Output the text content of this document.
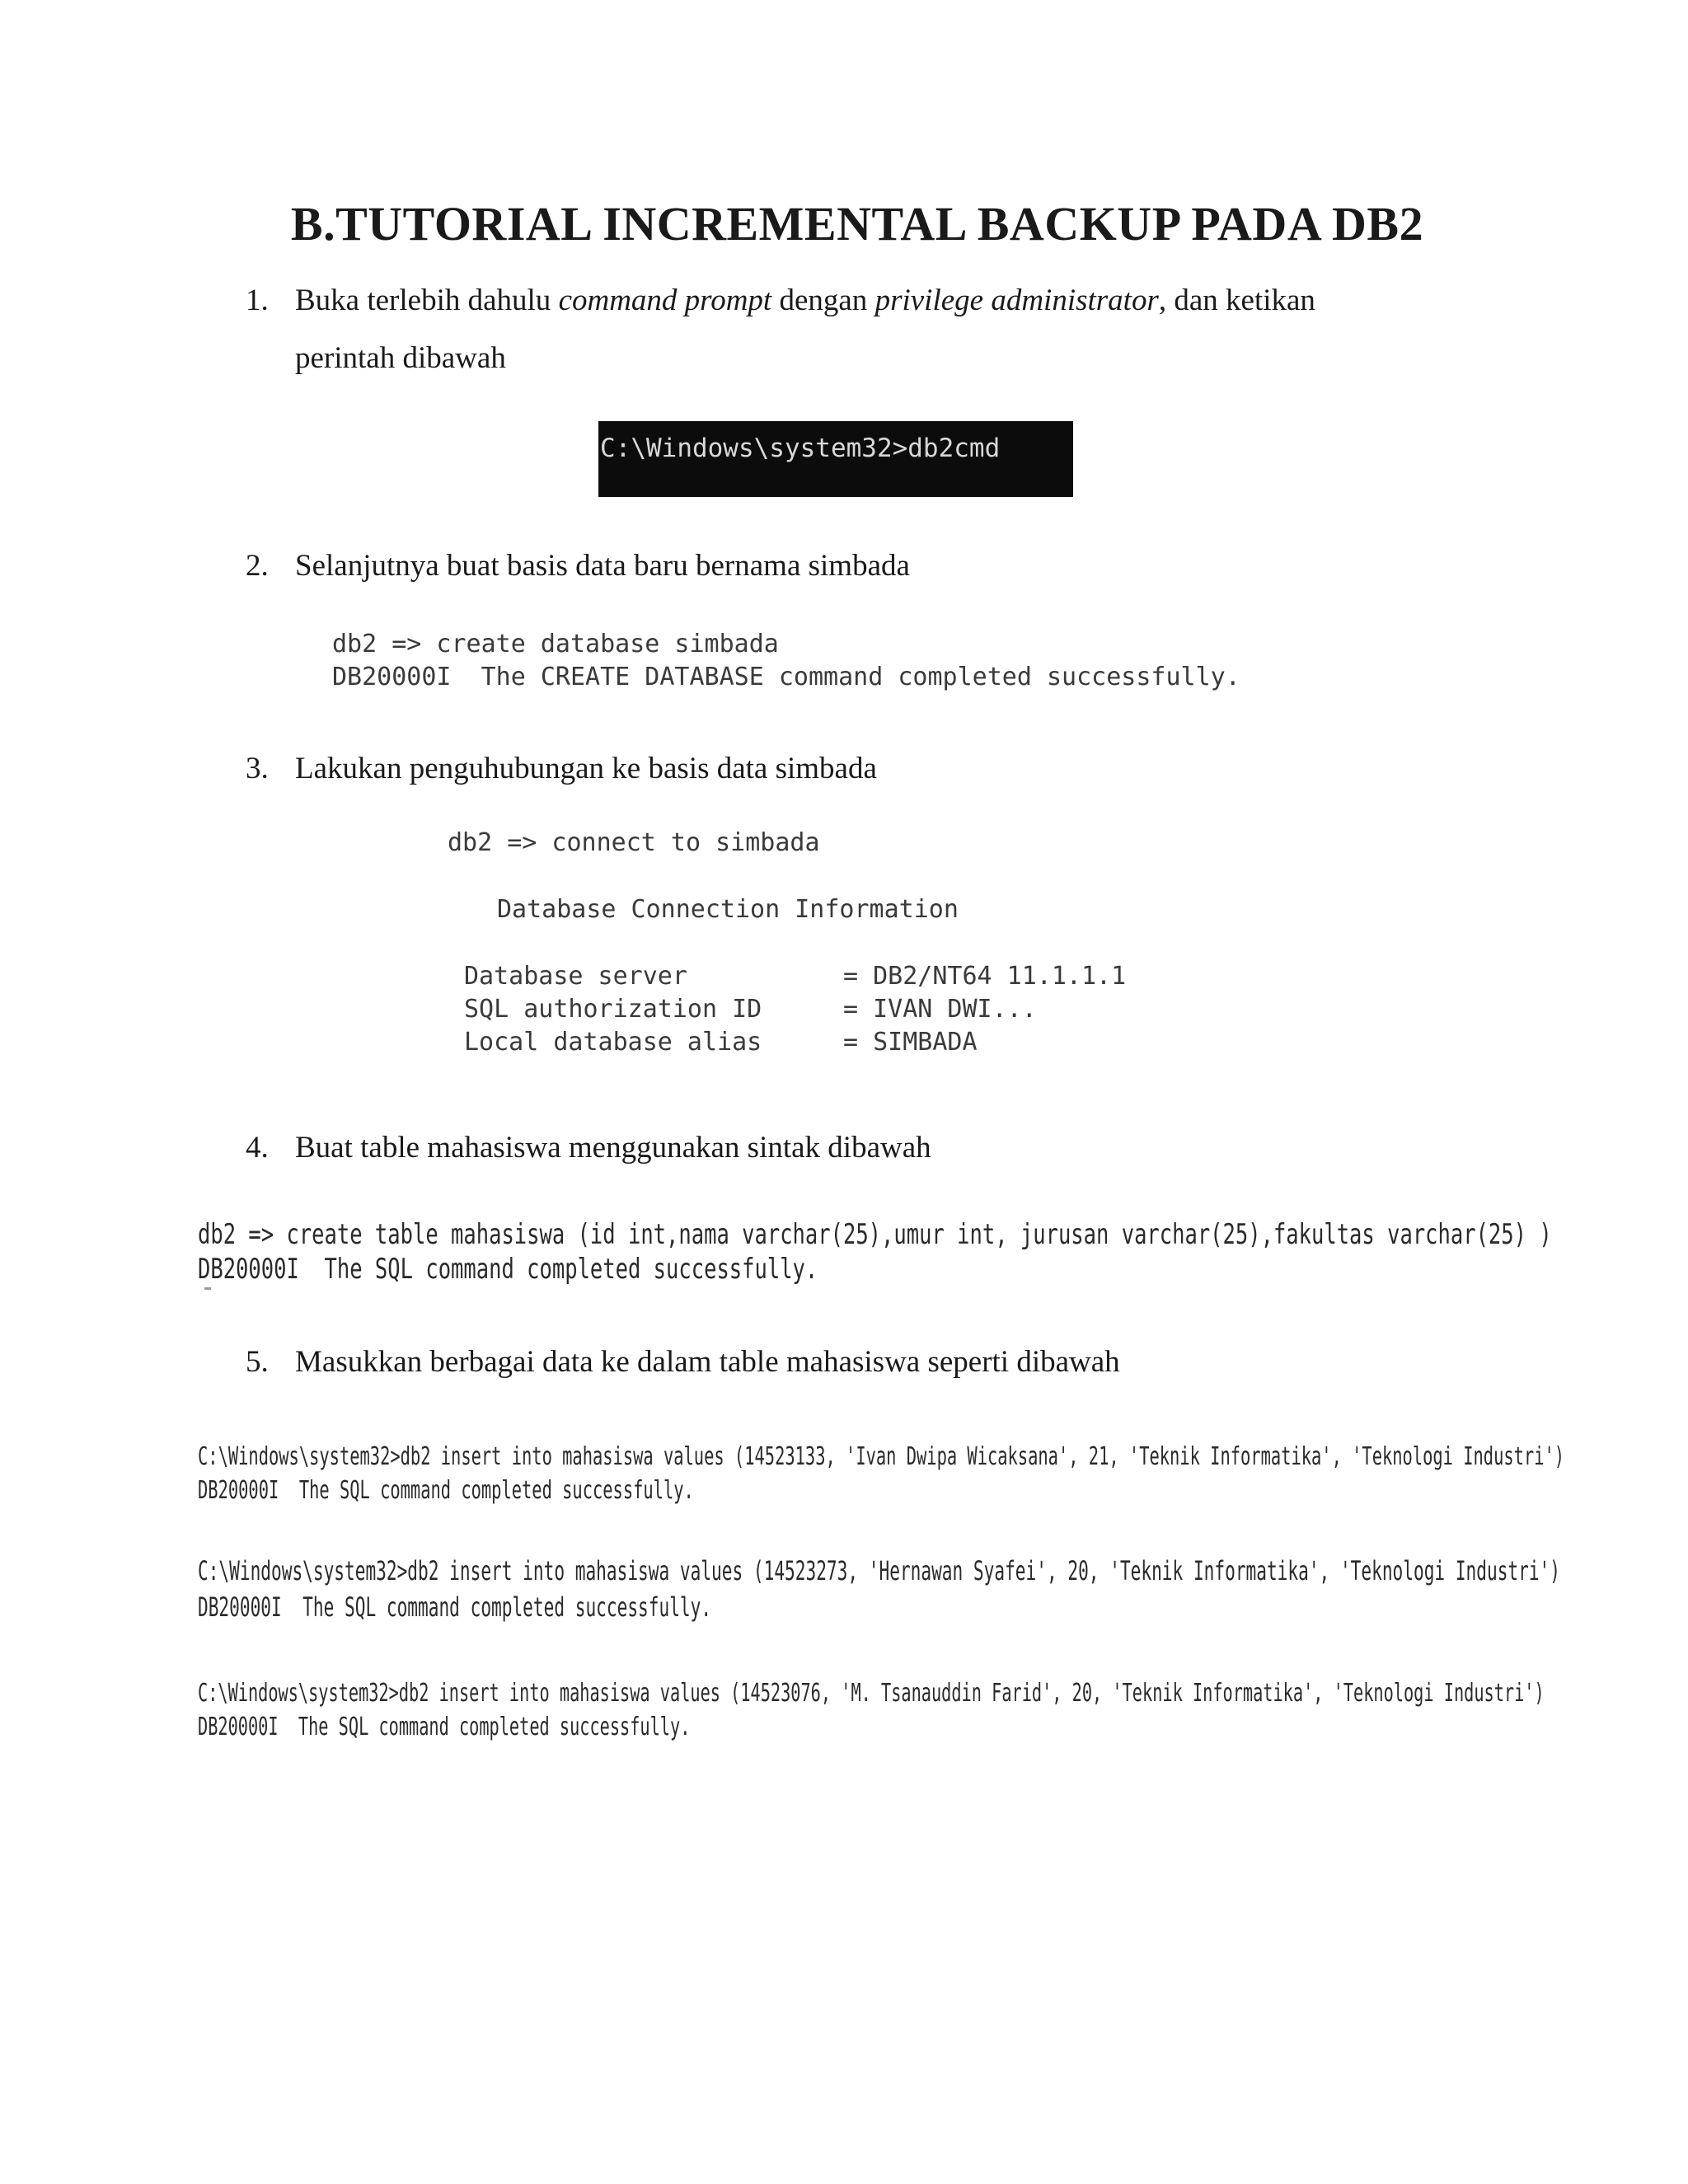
B.TUTORIAL INCREMENTAL BACKUP PADA DB2
1. Buka terlebih dahulu command prompt dengan privilege administrator, dan ketikan
perintah dibawah
C:\Windows\system32>db2cmd
2. Selanjutnya buat basis data baru bernama simbada
db2 => create database simbada
DB20000I  The CREATE DATABASE command completed successfully.
3. Lakukan penguhubungan ke basis data simbada
db2 => connect to simbada
Database Connection Information
Database server	= DB2/NT64 11.1.1.1
SQL authorization ID	= IVAN DWI...
Local database alias	= SIMBADA
4. Buat table mahasiswa menggunakan sintak dibawah
db2 => create table mahasiswa (id int,nama varchar(25),umur int, jurusan varchar(25),fakultas varchar(25) )
DB20000I  The SQL command completed successfully.
5. Masukkan berbagai data ke dalam table mahasiswa seperti dibawah
C:\Windows\system32>db2 insert into mahasiswa values (14523133, 'Ivan Dwipa Wicaksana', 21, 'Teknik Informatika', 'Teknologi Industri')
DB20000I  The SQL command completed successfully.
C:\Windows\system32>db2 insert into mahasiswa values (14523273, 'Hernawan Syafei', 20, 'Teknik Informatika', 'Teknologi Industri')
DB20000I  The SQL command completed successfully.
C:\Windows\system32>db2 insert into mahasiswa values (14523076, 'M. Tsanauddin Farid', 20, 'Teknik Informatika', 'Teknologi Industri')
DB20000I  The SQL command completed successfully.
